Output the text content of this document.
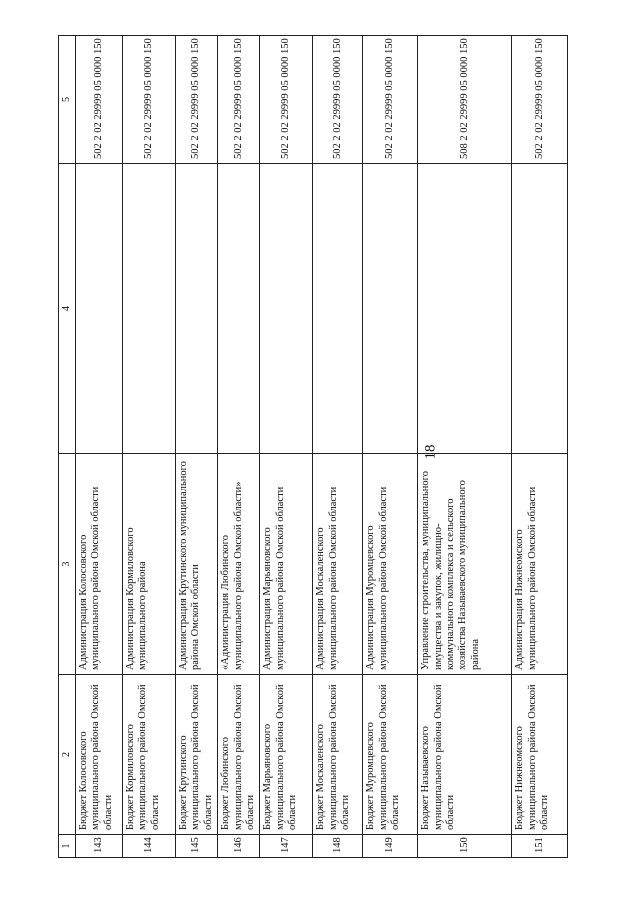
18
1	2	3	4	5
143	Бюджет Колосовского муниципального района Омской области	Администрация Колосовского муниципального района Омской области		502 2 02 29999 05 0000 150
144	Бюджет Кормиловского муниципального района Омской области	Администрация Кормиловского муниципального района		502 2 02 29999 05 0000 150
145	Бюджет Крутинского муниципального района Омской области	Администрация Крутинского муниципального района Омской области		502 2 02 29999 05 0000 150
146	Бюджет Любинского муниципального района Омской области	«Администрация Любинского муниципального района Омской области»		502 2 02 29999 05 0000 150
147	Бюджет Марьяновского муниципального района Омской области	Администрация Марьяновского муниципального района Омской области		502 2 02 29999 05 0000 150
148	Бюджет Москаленского муниципального района Омской области	Администрация Москаленского муниципального района Омской области		502 2 02 29999 05 0000 150
149	Бюджет Муромцевского муниципального района Омской области	Администрация Муромцевского муниципального района Омской области		502 2 02 29999 05 0000 150
150	Бюджет Называевского муниципального района Омской области	Управление строительства, муниципального имущества и закупок, жилищно-коммунального комплекса и сельского хозяйства Называевского муниципального района		508 2 02 29999 05 0000 150
151	Бюджет Нижнеомского муниципального района Омской области	Администрация Нижнеомского муниципального района Омской области		502 2 02 29999 05 0000 150
